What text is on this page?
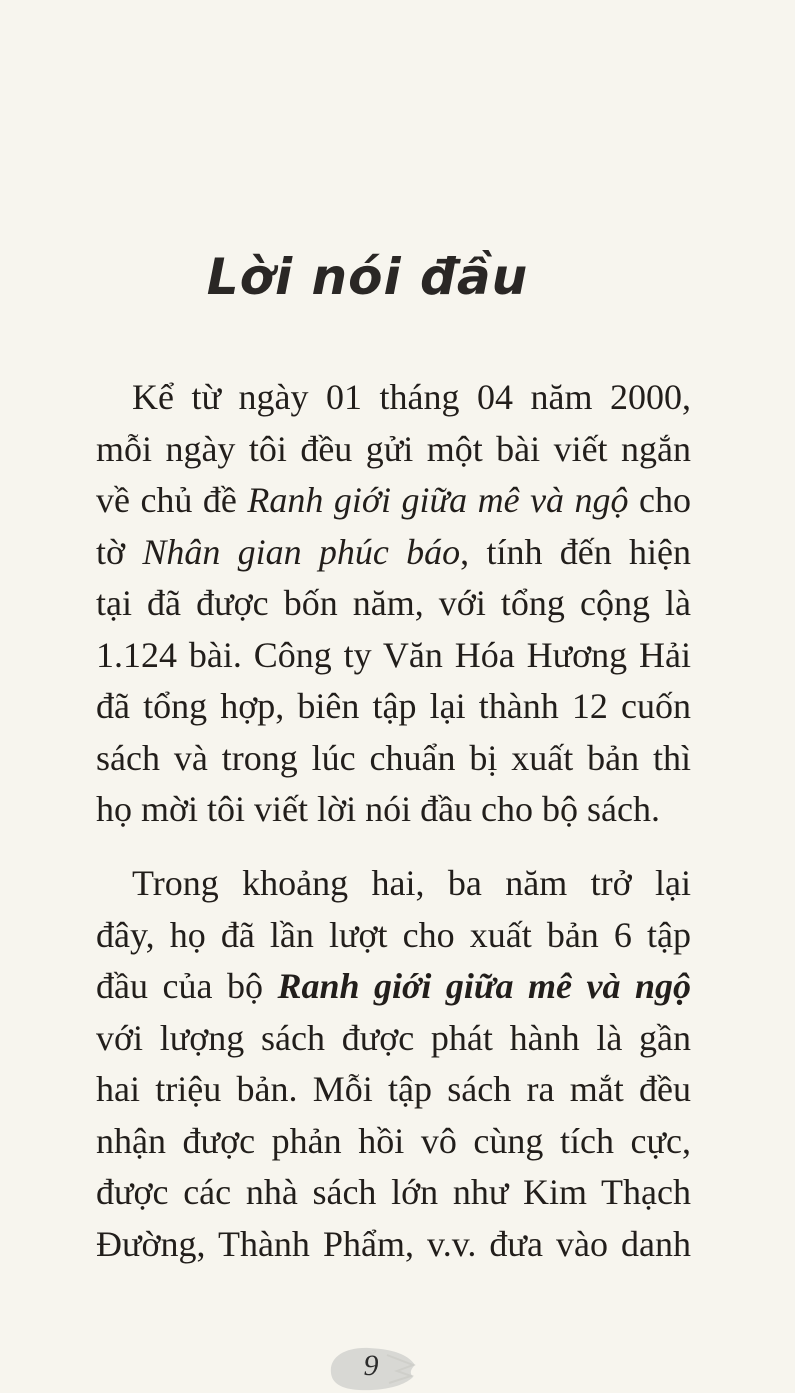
Lời nói đầu
Kể từ ngày 01 tháng 04 năm 2000,
mỗi ngày tôi đều gửi một bài viết ngắn
về chủ đề Ranh giới giữa mê và ngộ cho
tờ Nhân gian phúc báo, tính đến hiện
tại đã được bốn năm, với tổng cộng là
1.124 bài. Công ty Văn Hóa Hương Hải
đã tổng hợp, biên tập lại thành 12 cuốn
sách và trong lúc chuẩn bị xuất bản thì
họ mời tôi viết lời nói đầu cho bộ sách.
Trong khoảng hai, ba năm trở lại
đây, họ đã lần lượt cho xuất bản 6 tập
đầu của bộ Ranh giới giữa mê và ngộ
với lượng sách được phát hành là gần
hai triệu bản. Mỗi tập sách ra mắt đều
nhận được phản hồi vô cùng tích cực,
được các nhà sách lớn như Kim Thạch
Đường, Thành Phẩm, v.v. đưa vào danh
9
